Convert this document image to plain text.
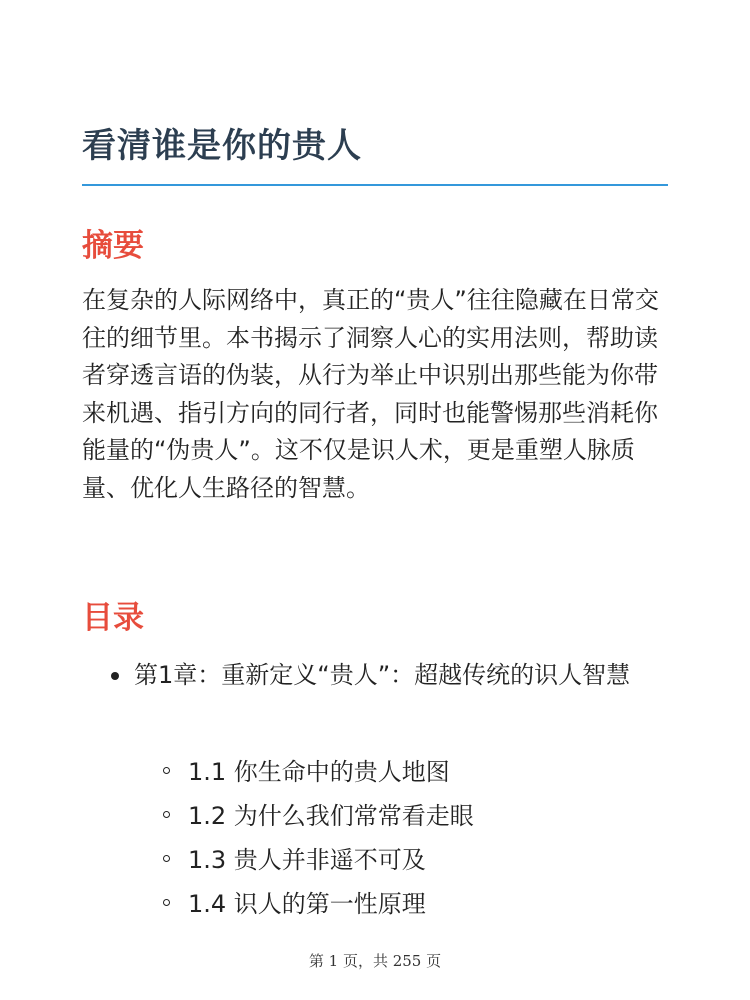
看清谁是你的贵人
摘要

在复杂的人际网络中，真正的“贵人”往往隐藏在日常交往的细节里。本书揭示了洞察人心的实用法则，帮助读者穿透言语的伪装，从行为举止中识别出那些能为你带来机遇、指引方向的同行者，同时也能警惕那些消耗你能量的“伪贵人”。这不仅是识人术，更是重塑人脉质量、优化人生路径的智慧。

目录
第1章：重新定义“贵人”：超越传统的识人智慧
1.1 你生命中的贵人地图
1.2 为什么我们常常看走眼
1.3 贵人并非遥不可及
1.4 识人的第一性原理
第 1 页，共 255 页
